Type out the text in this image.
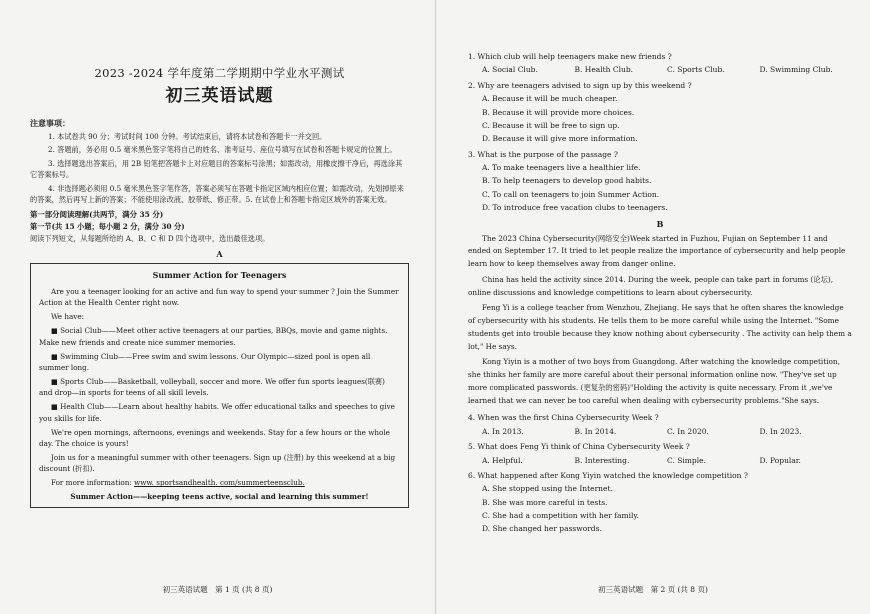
2023 -2024 学年度第二学期期中学业水平测试
初三英语试题
注意事项：
1. 本试卷共 90 分；考试时间 100 分钟。考试结束后，请将本试卷和答题卡一并交回。
2. 答题前，务必用 0.5 毫米黑色签字笔将自己的姓名、准考证号、座位号填写在试卷和答题卡规定的位置上。
3. 选择题选出答案后，用 2B 铅笔把答题卡上对应题目的答案标号涂黑；如需改动，用橡皮擦干净后，再选涂其它答案标号。
4. 非选择题必须用 0.5 毫米黑色签字笔作答，答案必须写在答题卡指定区域内相应位置；如需改动，先划掉原来的答案，然后再写上新的答案；不能使用涂改液、胶带纸、修正带。5. 在试卷上和答题卡指定区域外的答案无效。
第一部分阅读理解(共两节，满分 35 分)
第一节(共 15 小题；每小题 2 分，满分 30 分)
阅读下列短文，从每题所给的 A、B、C 和 D 四个选项中，选出最佳选项。
A
Summer Action for Teenagers
Are you a teenager looking for an active and fun way to spend your summer ? Join the Summer Action at the Health Center right now.
We have:
■ Social Club——Meet other active teenagers at our parties, BBQs, movie and game nights. Make new friends and create nice summer memories.
■ Swimming Club——Free swim and swim lessons. Our Olympic—sized pool is open all summer long.
■ Sports Club——Basketball, volleyball, soccer and more. We offer fun sports leagues(联赛) and drop—in sports for teens of all skill levels.
■ Health Club——Learn about healthy habits. We offer educational talks and speeches to give you skills for life.
We're open mornings, afternoons, evenings and weekends. Stay for a few hours or the whole day. The choice is yours!
Join us for a meaningful summer with other teenagers. Sign up (注册) by this weekend at a big discount (折扣).
For more information: www. sportsandhealth. com/summerteensclub.
Summer Action——keeping teens active, social and learning this summer!
初三英语试题　第 1 页 (共 8 页)
1. Which club will help teenagers make new friends ?
A. Social Club.	B. Health Club.	C. Sports Club.	D. Swimming Club.
2. Why are teenagers advised to sign up by this weekend ?
A. Because it will be much cheaper.
B. Because it will provide more choices.
C. Because it will be free to sign up.
D. Because it will give more information.
3. What is the purpose of the passage ?
A. To make teenagers live a healthier life.
B. To help teenagers to develop good habits.
C. To call on teenagers to join Summer Action.
D. To introduce free vacation clubs to teenagers.
B
The 2023 China Cybersecurity(网络安全)Week started in Fuzhou, Fujian on September 11 and ended on September 17. It tried to let people realize the importance of cybersecurity and help people learn how to keep themselves away from danger online.
China has held the activity since 2014. During the week, people can take part in forums (论坛), online discussions and knowledge competitions to learn about cybersecurity.
Feng Yi is a college teacher from Wenzhou, Zhejiang. He says that he often shares the knowledge of cybersecurity with his students. He tells them to be more careful while using the Internet. "Some students get into trouble because they know nothing about cybersecurity . The activity can help them a lot," He says.
Kong Yiyin is a mother of two boys from Guangdong. After watching the knowledge competition, she thinks her family are more careful about their personal information online now. "They've set up more complicated passwords. (更复杂的密码)"Holding the activity is quite necessary. From it ,we've learned that we can never be too careful when dealing with cybersecurity problems."She says.
4. When was the first China Cybersecurity Week ?
A. In 2013.	B. In 2014.	C. In 2020.	D. In 2023.
5. What does Feng Yi think of China Cybersecurity Week ?
A. Helpful.	B. Interesting.	C. Simple.	D. Popular.
6. What happened after Kong Yiyin watched the knowledge competition ?
A. She stopped using the Internet.
B. She was more careful in tests.
C. She had a competition with her family.
D. She changed her passwords.
初三英语试题　第 2 页 (共 8 页)
